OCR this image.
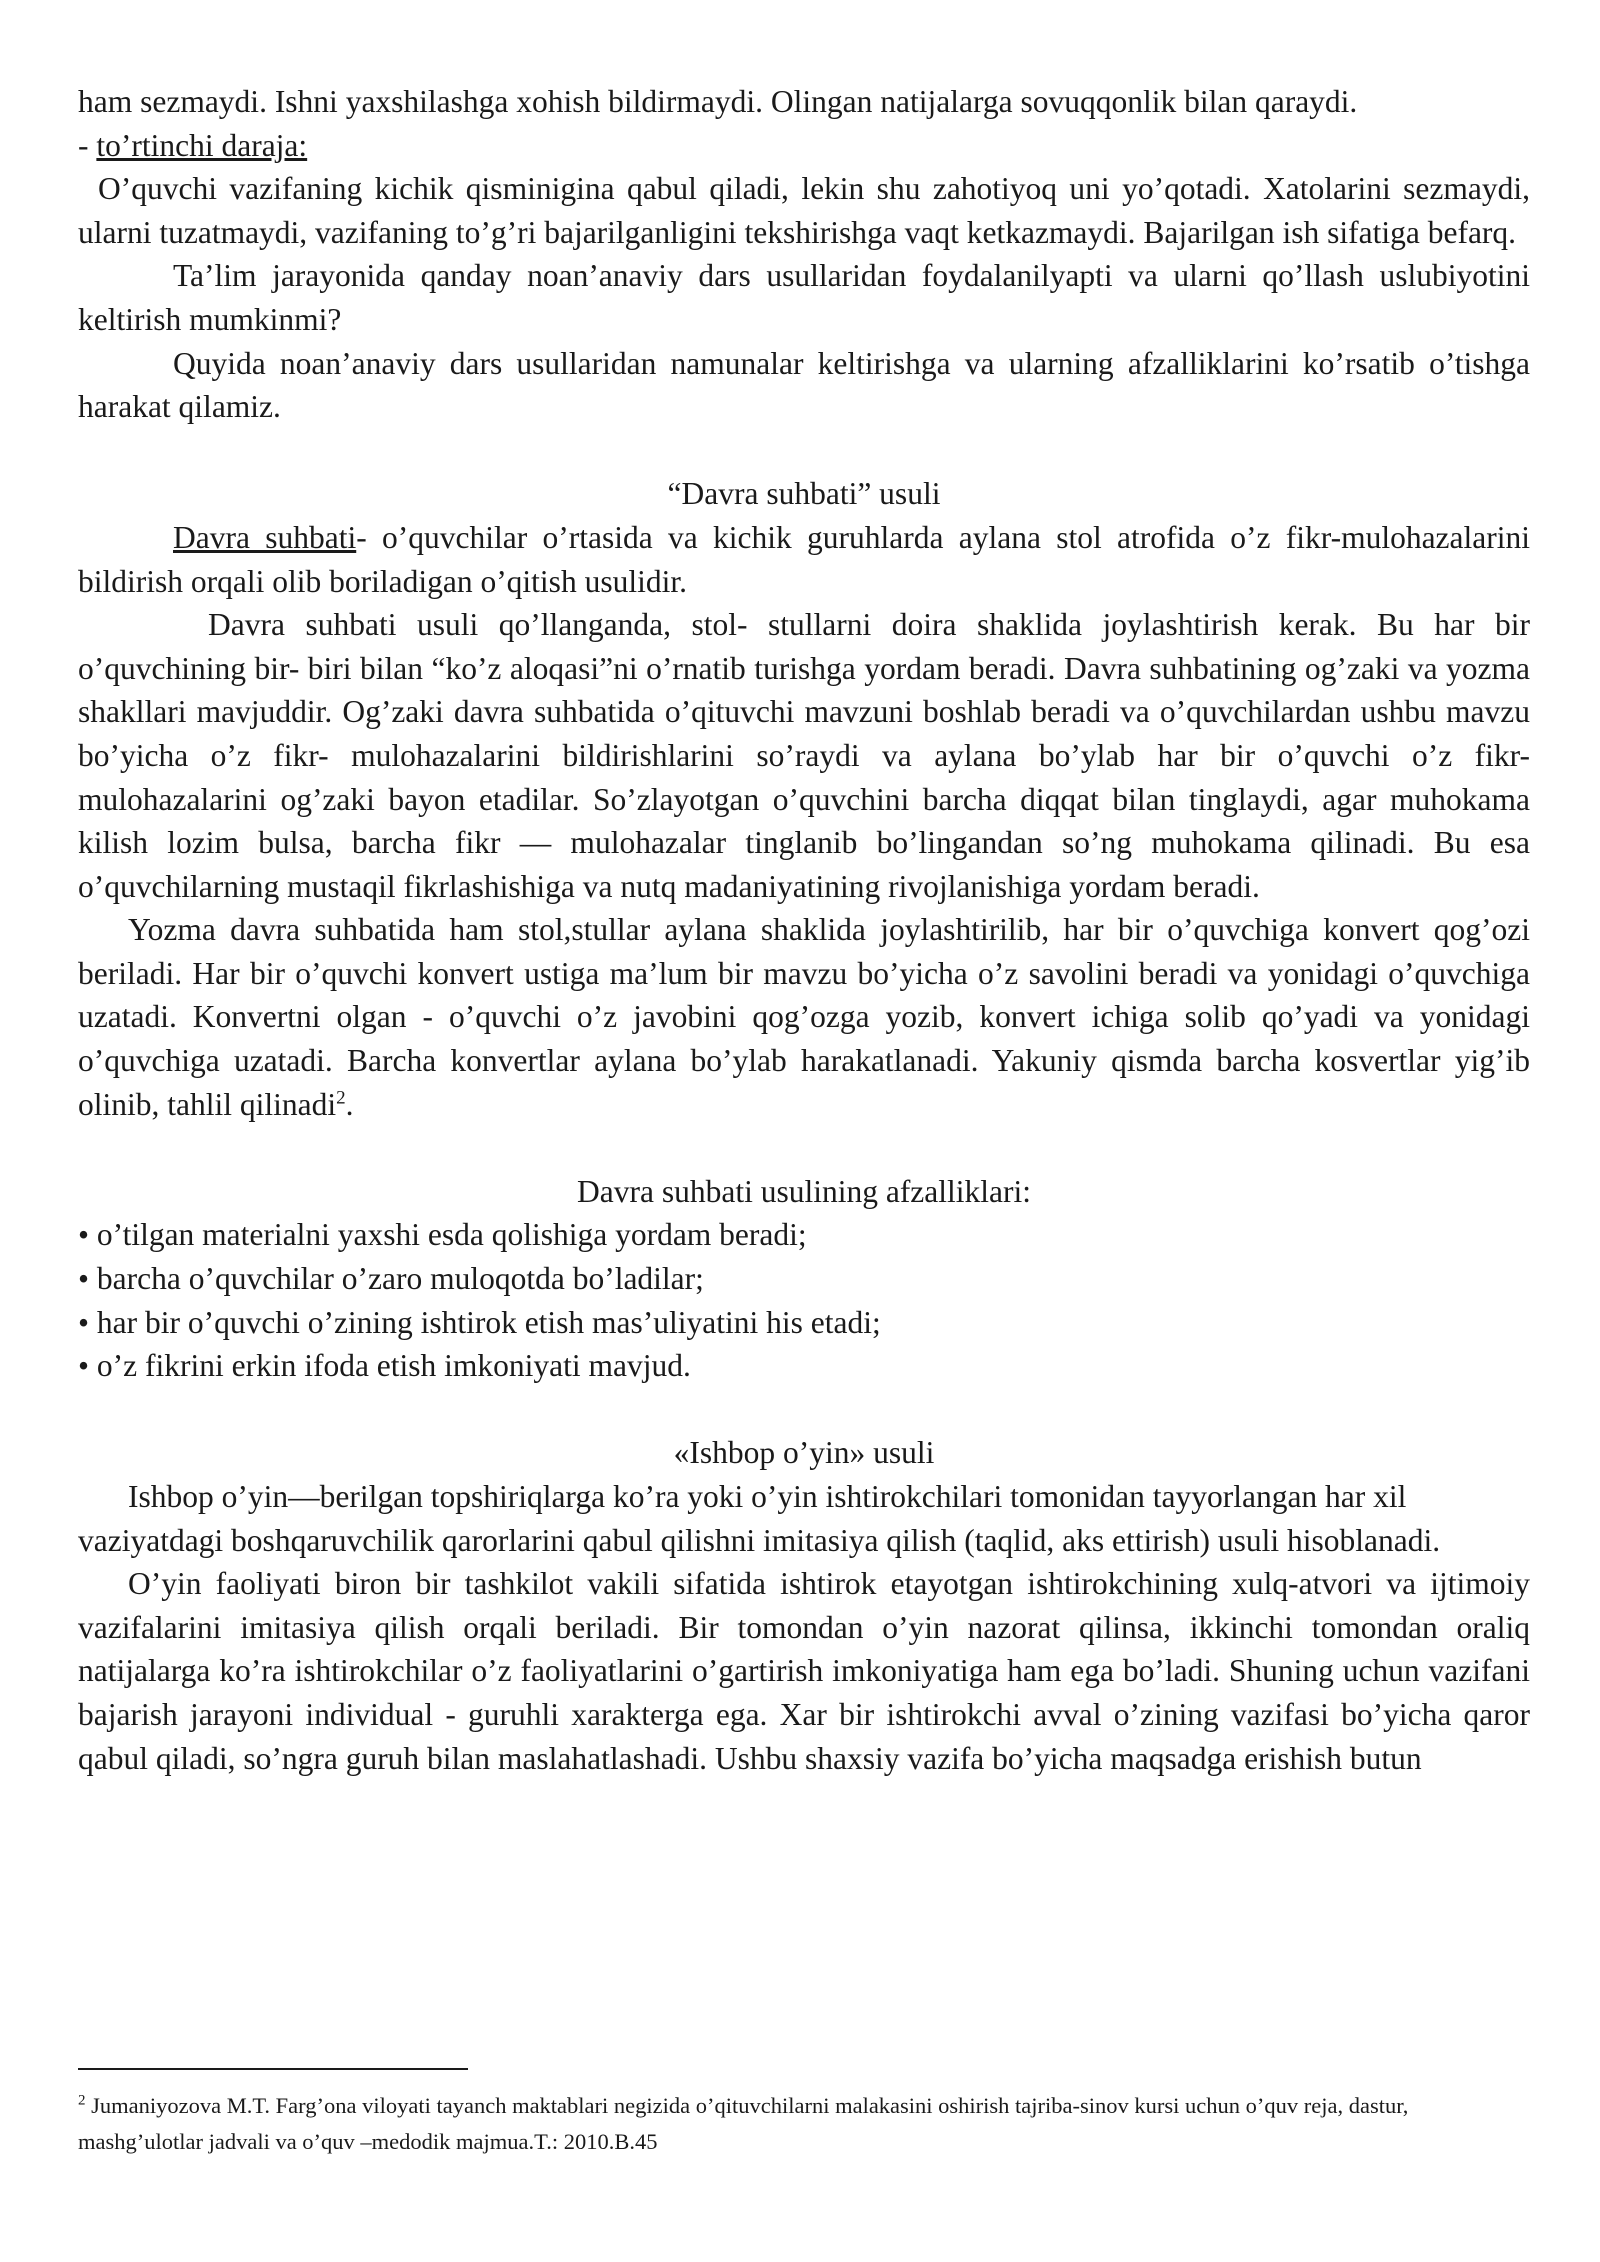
ham sezmaydi. Ishni yaxshilashga xohish bildirmaydi. Olingan natijalarga sovuqqonlik bilan qaraydi.

- to’rtinchi daraja:

O’quvchi vazifaning kichik qisminigina qabul qiladi, lekin shu zahotiyoq uni yo’qotadi. Xatolarini sezmaydi, ularni tuzatmaydi, vazifaning to’g’ri bajarilganligini tekshirishga vaqt ketkazmaydi. Bajarilgan ish sifatiga befarq.

Ta’lim jarayonida qanday noan’anaviy dars usullaridan foydalanilyapti va ularni qo’llash uslubiyotini keltirish mumkinmi?

Quyida noan’anaviy dars usullaridan namunalar keltirishga va ularning afzalliklarini ko’rsatib o’tishga harakat qilamiz.

“Davra suhbati” usuli

Davra suhbati- o’quvchilar o’rtasida va kichik guruhlarda aylana stol atrofida o’z fikr-mulohazalarini bildirish orqali olib boriladigan o’qitish usulidir.

Davra suhbati usuli qo’llanganda, stol- stullarni doira shaklida joylashtirish kerak. Bu har bir o’quvchining bir- biri bilan “ko’z aloqasi”ni o’rnatib turishga yordam beradi. Davra suhbatining og’zaki va yozma shakllari mavjuddir. Og’zaki davra suhbatida o’qituvchi mavzuni boshlab beradi va o’quvchilardan ushbu mavzu bo’yicha o’z fikr- mulohazalarini bildirishlarini so’raydi va aylana bo’ylab har bir o’quvchi o’z fikr- mulohazalarini og’zaki bayon etadilar. So’zlayotgan o’quvchini barcha diqqat bilan tinglaydi, agar muhokama kilish lozim bulsa, barcha fikr — mulohazalar tinglanib bo’lingandan so’ng muhokama qilinadi. Bu esa o’quvchilarning mustaqil fikrlashishiga va nutq madaniyatining rivojlanishiga yordam beradi.

Yozma davra suhbatida ham stol,stullar aylana shaklida joylashtirilib, har bir o’quvchiga konvert qog’ozi beriladi. Har bir o’quvchi konvert ustiga ma’lum bir mavzu bo’yicha o’z savolini beradi va yonidagi o’quvchiga uzatadi. Konvertni olgan - o’quvchi o’z javobini qog’ozga yozib, konvert ichiga solib qo’yadi va yonidagi o’quvchiga uzatadi. Barcha konvertlar aylana bo’ylab harakatlanadi. Yakuniy qismda barcha kosvertlar yig’ib olinib, tahlil qilinadi$^2$.

Davra suhbati usulining afzalliklari:

• o’tilgan materialni yaxshi esda qolishiga yordam beradi;
• barcha o’quvchilar o’zaro muloqotda bo’ladilar;
• har bir o’quvchi o’zining ishtirok etish mas’uliyatini his etadi;
• o’z fikrini erkin ifoda etish imkoniyati mavjud.

«Ishbop o’yin» usuli

Ishbop o’yin—berilgan topshiriqlarga ko’ra yoki o’yin ishtirokchilari tomonidan tayyorlangan har xil vaziyatdagi boshqaruvchilik qarorlarini qabul qilishni imitasiya qilish (taqlid, aks ettirish) usuli hisoblanadi.

O’yin faoliyati biron bir tashkilot vakili sifatida ishtirok etayotgan ishtirokchining xulq-atvori va ijtimoiy vazifalarini imitasiya qilish orqali beriladi. Bir tomondan o’yin nazorat qilinsa, ikkinchi tomondan oraliq natijalarga ko’ra ishtirokchilar o’z faoliyatlarini o’gartirish imkoniyatiga ham ega bo’ladi. Shuning uchun vazifani bajarish jarayoni individual - guruhli xarakterga ega. Xar bir ishtirokchi avval o’zining vazifasi bo’yicha qaror qabul qiladi, so’ngra guruh bilan maslahatlashadi. Ushbu shaxsiy vazifa bo’yicha maqsadga erishish butun

$^2$ Jumaniyozova M.T. Farg’ona viloyati tayanch maktablari negizida o’qituvchilarni malakasini oshirish tajriba-sinov kursi uchun o’quv reja, dastur, mashg’ulotlar jadvali va o’quv –medodik majmua.T.: 2010.B.45
